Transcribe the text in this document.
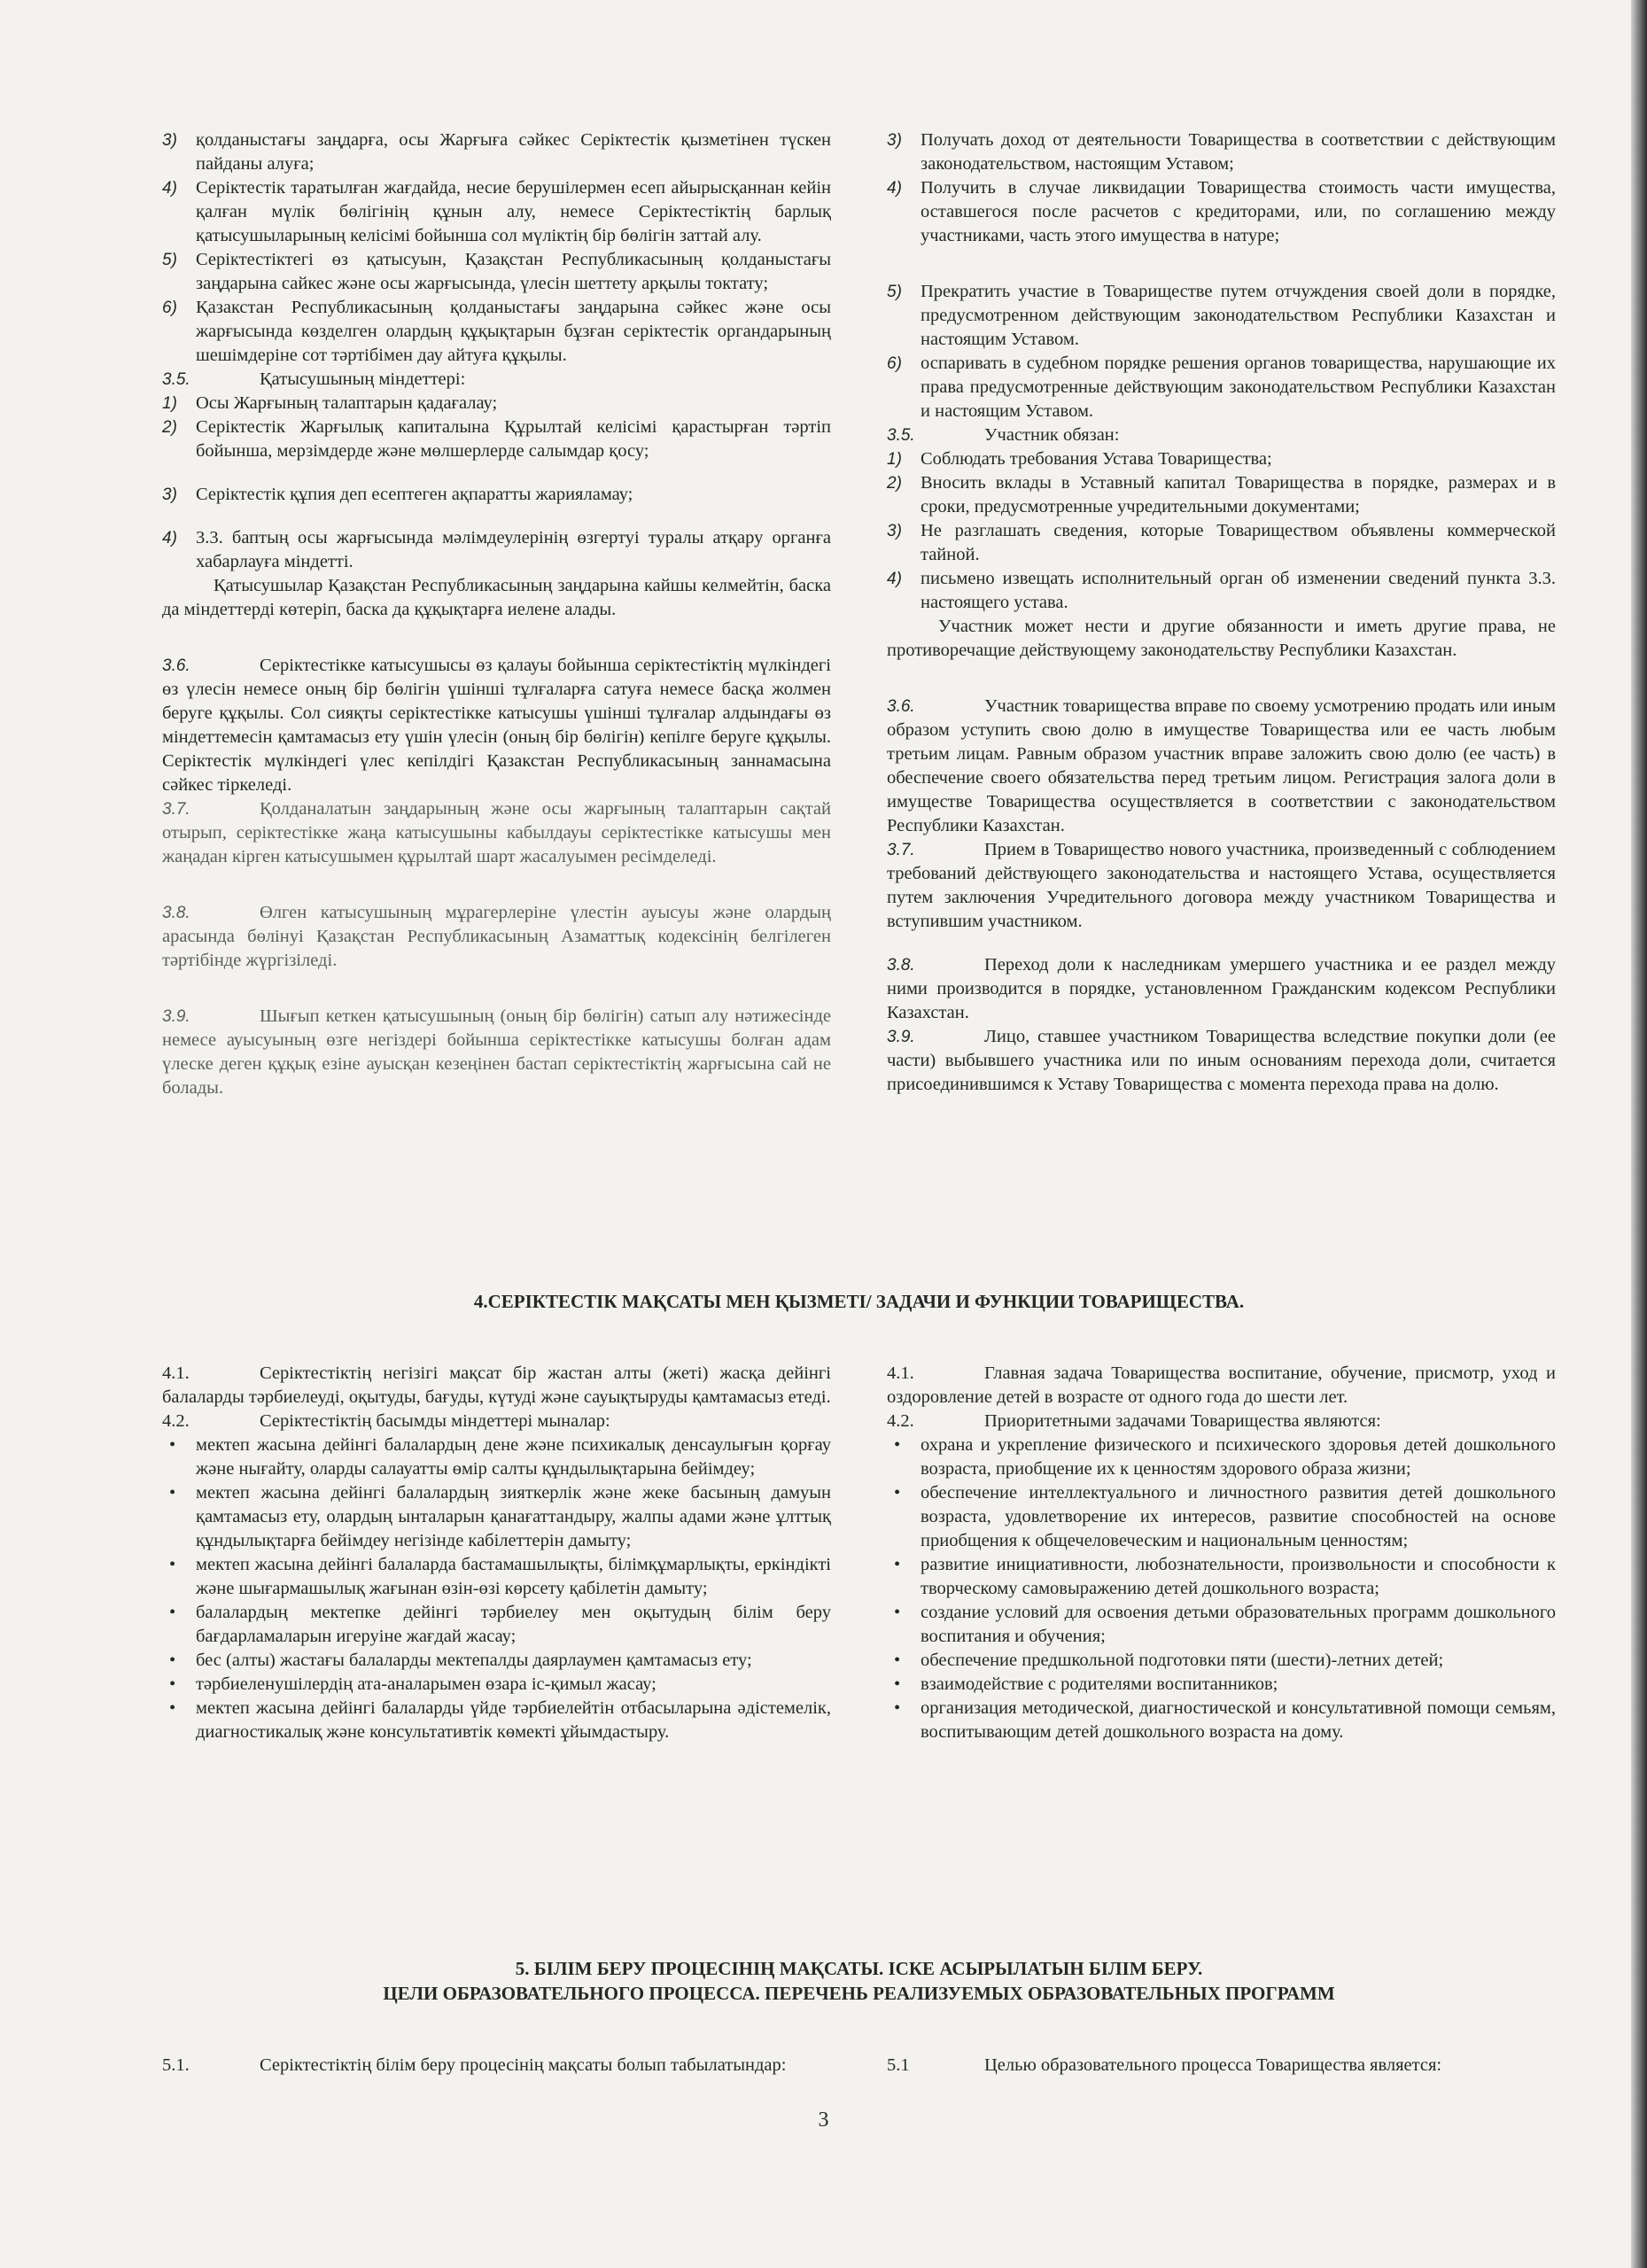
3) қолданыстағы заңдарға, осы Жарғыға сәйкес Серіктестік қызметінен түскен пайданы алуға;

4) Серіктестік таратылған жағдайда, несие берушілермен есеп айырысқаннан кейін қалған мүлік бөлігінің құнын алу, немесе Серіктестіктің барлық қатысушыларының келісімі бойынша сол мүліктің бір бөлігін заттай алу.

5) Серіктестіктегі өз қатысуын, Қазақстан Республикасының қолданыстағы заңдарына сайкес және осы жарғысында, үлесін шеттету арқылы токтату;

6) Қазакстан Республикасының қолданыстағы заңдарына сәйкес және осы жарғысында көзделген олардың құқықтарын бұзған серіктестік органдарының шешімдеріне сот тәртібімен дау айтуға құқылы.

3.5.	Қатысушының міндеттері:

1) Осы Жарғының талаптарын қадағалау;

2) Серіктестік Жарғылық капиталына Құрылтай келісімі қарастырған тәртіп бойынша, мерзімдерде және мөлшерлерде салымдар қосу;

3) Серіктестік құпия деп есептеген ақпаратты жарияламау;

4) 3.3. баптың осы жарғысында мәлімдеулерінің өзгертуі туралы атқару органға хабарлауға міндетті.

Қатысушылар Қазақстан Республикасының заңдарына кайшы келмейтін, баска да міндеттерді көтеріп, баска да құқықтарға иелене алады.

3.6.	Серіктестікке катысушысы өз қалауы бойынша серіктестіктің мүлкіндегі өз үлесін немесе оның бір бөлігін үшінші тұлғаларға сатуға немесе басқа жолмен беруге құқылы. Сол сияқты серіктестікке катысушы үшінші тұлғалар алдындағы өз міндеттемесін қамтамасыз ету үшін үлесін (оның бір бөлігін) кепілге беруге құқылы. Серіктестік мүлкіндегі үлес кепілдігі Қазакстан Республикасының заннамасына сәйкес тіркеледі.

3.7.	Қолданалатын заңдарының және осы жарғының талаптарын сақтай отырып, серіктестікке жаңа катысушыны кабылдауы серіктестікке катысушы мен жаңадан кірген катысушымен құрылтай шарт жасалуымен ресімделеді.

3.8.	Өлген катысушының мұрагерлеріне үлестін ауысуы және олардың арасында бөлінуі Қазақстан Республикасының Азаматтық кодексінің белгілеген тәртібінде жүргізіледі.

3.9.	Шығып кеткен қатысушының (оның бір бөлігін) сатып алу нәтижесінде немесе ауысуының өзге негіздері бойынша серіктестікке катысушы болған адам үлеске деген құқық езіне ауысқан кезеңінен бастап серіктестіктің жарғысына сай не болады.

3) Получать доход от деятельности Товарищества в соответствии с действующим законодательством, настоящим Уставом;

4) Получить в случае ликвидации Товарищества стоимость части имущества, оставшегося после расчетов с кредиторами, или, по соглашению между участниками, часть этого имущества в натуре;

5) Прекратить участие в Товариществе путем отчуждения своей доли в порядке, предусмотренном действующим законодательством Республики Казахстан и настоящим Уставом.

6) оспаривать в судебном порядке решения органов товарищества, нарушающие их права предусмотренные действующим законодательством Республики Казахстан и настоящим Уставом.

3.5.	Участник обязан:

1) Соблюдать требования Устава Товарищества;

2) Вносить вклады в Уставный капитал Товарищества в порядке, размерах и в сроки, предусмотренные учредительными документами;

3) Не разглашать сведения, которые Товариществом объявлены коммерческой тайной.

4) письмено извещать исполнительный орган об изменении сведений пункта 3.3. настоящего устава.

Участник может нести и другие обязанности и иметь другие права, не противоречащие действующему законодательству Республики Казахстан.

3.6.	Участник товарищества вправе по своему усмотрению продать или иным образом уступить свою долю в имуществе Товарищества или ее часть любым третьим лицам. Равным образом участник вправе заложить свою долю (ее часть) в обеспечение своего обязательства перед третьим лицом. Регистрация залога доли в имуществе Товарищества осуществляется в соответствии с законодательством Республики Казахстан.

3.7.	Прием в Товарищество нового участника, произведенный с соблюдением требований действующего законодательства и настоящего Устава, осуществляется путем заключения Учредительного договора между участником Товарищества и вступившим участником.

3.8.	Переход доли к наследникам умершего участника и ее раздел между ними производится в порядке, установленном Гражданским кодексом Республики Казахстан.

3.9.	Лицо, ставшее участником Товарищества вследствие покупки доли (ее части) выбывшего участника или по иным основаниям перехода доли, считается присоединившимся к Уставу Товарищества с момента перехода права на долю.

4.СЕРІКТЕСТІК МАҚСАТЫ МЕН ҚЫЗМЕТІ/ ЗАДАЧИ И ФУНКЦИИ ТОВАРИЩЕСТВА.

4.1.	Серіктестіктің негізігі мақсат бір жастан алты (жеті) жасқа дейінгі балаларды тәрбиелеуді, оқытуды, бағуды, күтуді және сауықтыруды қамтамасыз етеді.

4.2.	Серіктестіктің басымды міндеттері мыналар:

• мектеп жасына дейінгі балалардың дене және психикалық денсаулығын қорғау және нығайту, оларды салауатты өмір салты құндылықтарына бейімдеу;

• мектеп жасына дейінгі балалардың зияткерлік және жеке басының дамуын қамтамасыз ету, олардың ынталарын қанағаттандыру, жалпы адами және ұлттық құндылықтарға бейімдеу негізінде кабілеттерін дамыту;

• мектеп жасына дейінгі балаларда бастамашылықты, білімқұмарлықты, еркіндікті және шығармашылық жағынан өзін-өзі көрсету қабілетін дамыту;

• балалардың мектепке дейінгі тәрбиелеу мен оқытудың білім беру бағдарламаларын игеруіне жағдай жасау;

• бес (алты) жастағы балаларды мектепалды даярлаумен қамтамасыз ету;

• тәрбиеленушілердің ата-аналарымен өзара іс-қимыл жасау;

• мектеп жасына дейінгі балаларды үйде тәрбиелейтін отбасыларына әдістемелік, диагностикалық және консультативтік көмекті ұйымдастыру.

4.1.	Главная задача Товарищества воспитание, обучение, присмотр, уход и оздоровление детей в возрасте от одного года до шести лет.

4.2.	Приоритетными задачами Товарищества являются:

• охрана и укрепление физического и психического здоровья детей дошкольного возраста, приобщение их к ценностям здорового образа жизни;

• обеспечение интеллектуального и личностного развития детей дошкольного возраста, удовлетворение их интересов, развитие способностей на основе приобщения к общечеловеческим и национальным ценностям;

• развитие инициативности, любознательности, произвольности и способности к творческому самовыражению детей дошкольного возраста;

• создание условий для освоения детьми образовательных программ дошкольного воспитания и обучения;

• обеспечение предшкольной подготовки пяти (шести)-летних детей;

• взаимодействие с родителями воспитанников;

• организация методической, диагностической и консультативной помощи семьям, воспитывающим детей дошкольного возраста на дому.

5. БІЛІМ БЕРУ ПРОЦЕСІНІҢ МАҚСАТЫ. ІСКЕ АСЫРЫЛАТЫН БІЛІМ БЕРУ.
ЦЕЛИ ОБРАЗОВАТЕЛЬНОГО ПРОЦЕССА. ПЕРЕЧЕНЬ РЕАЛИЗУЕМЫХ ОБРАЗОВАТЕЛЬНЫХ ПРОГРАММ

5.1.	Серіктестіктің білім беру процесінің мақсаты болып табылатындар:	5.1	Целью образовательного процесса Товарищества является:

3
